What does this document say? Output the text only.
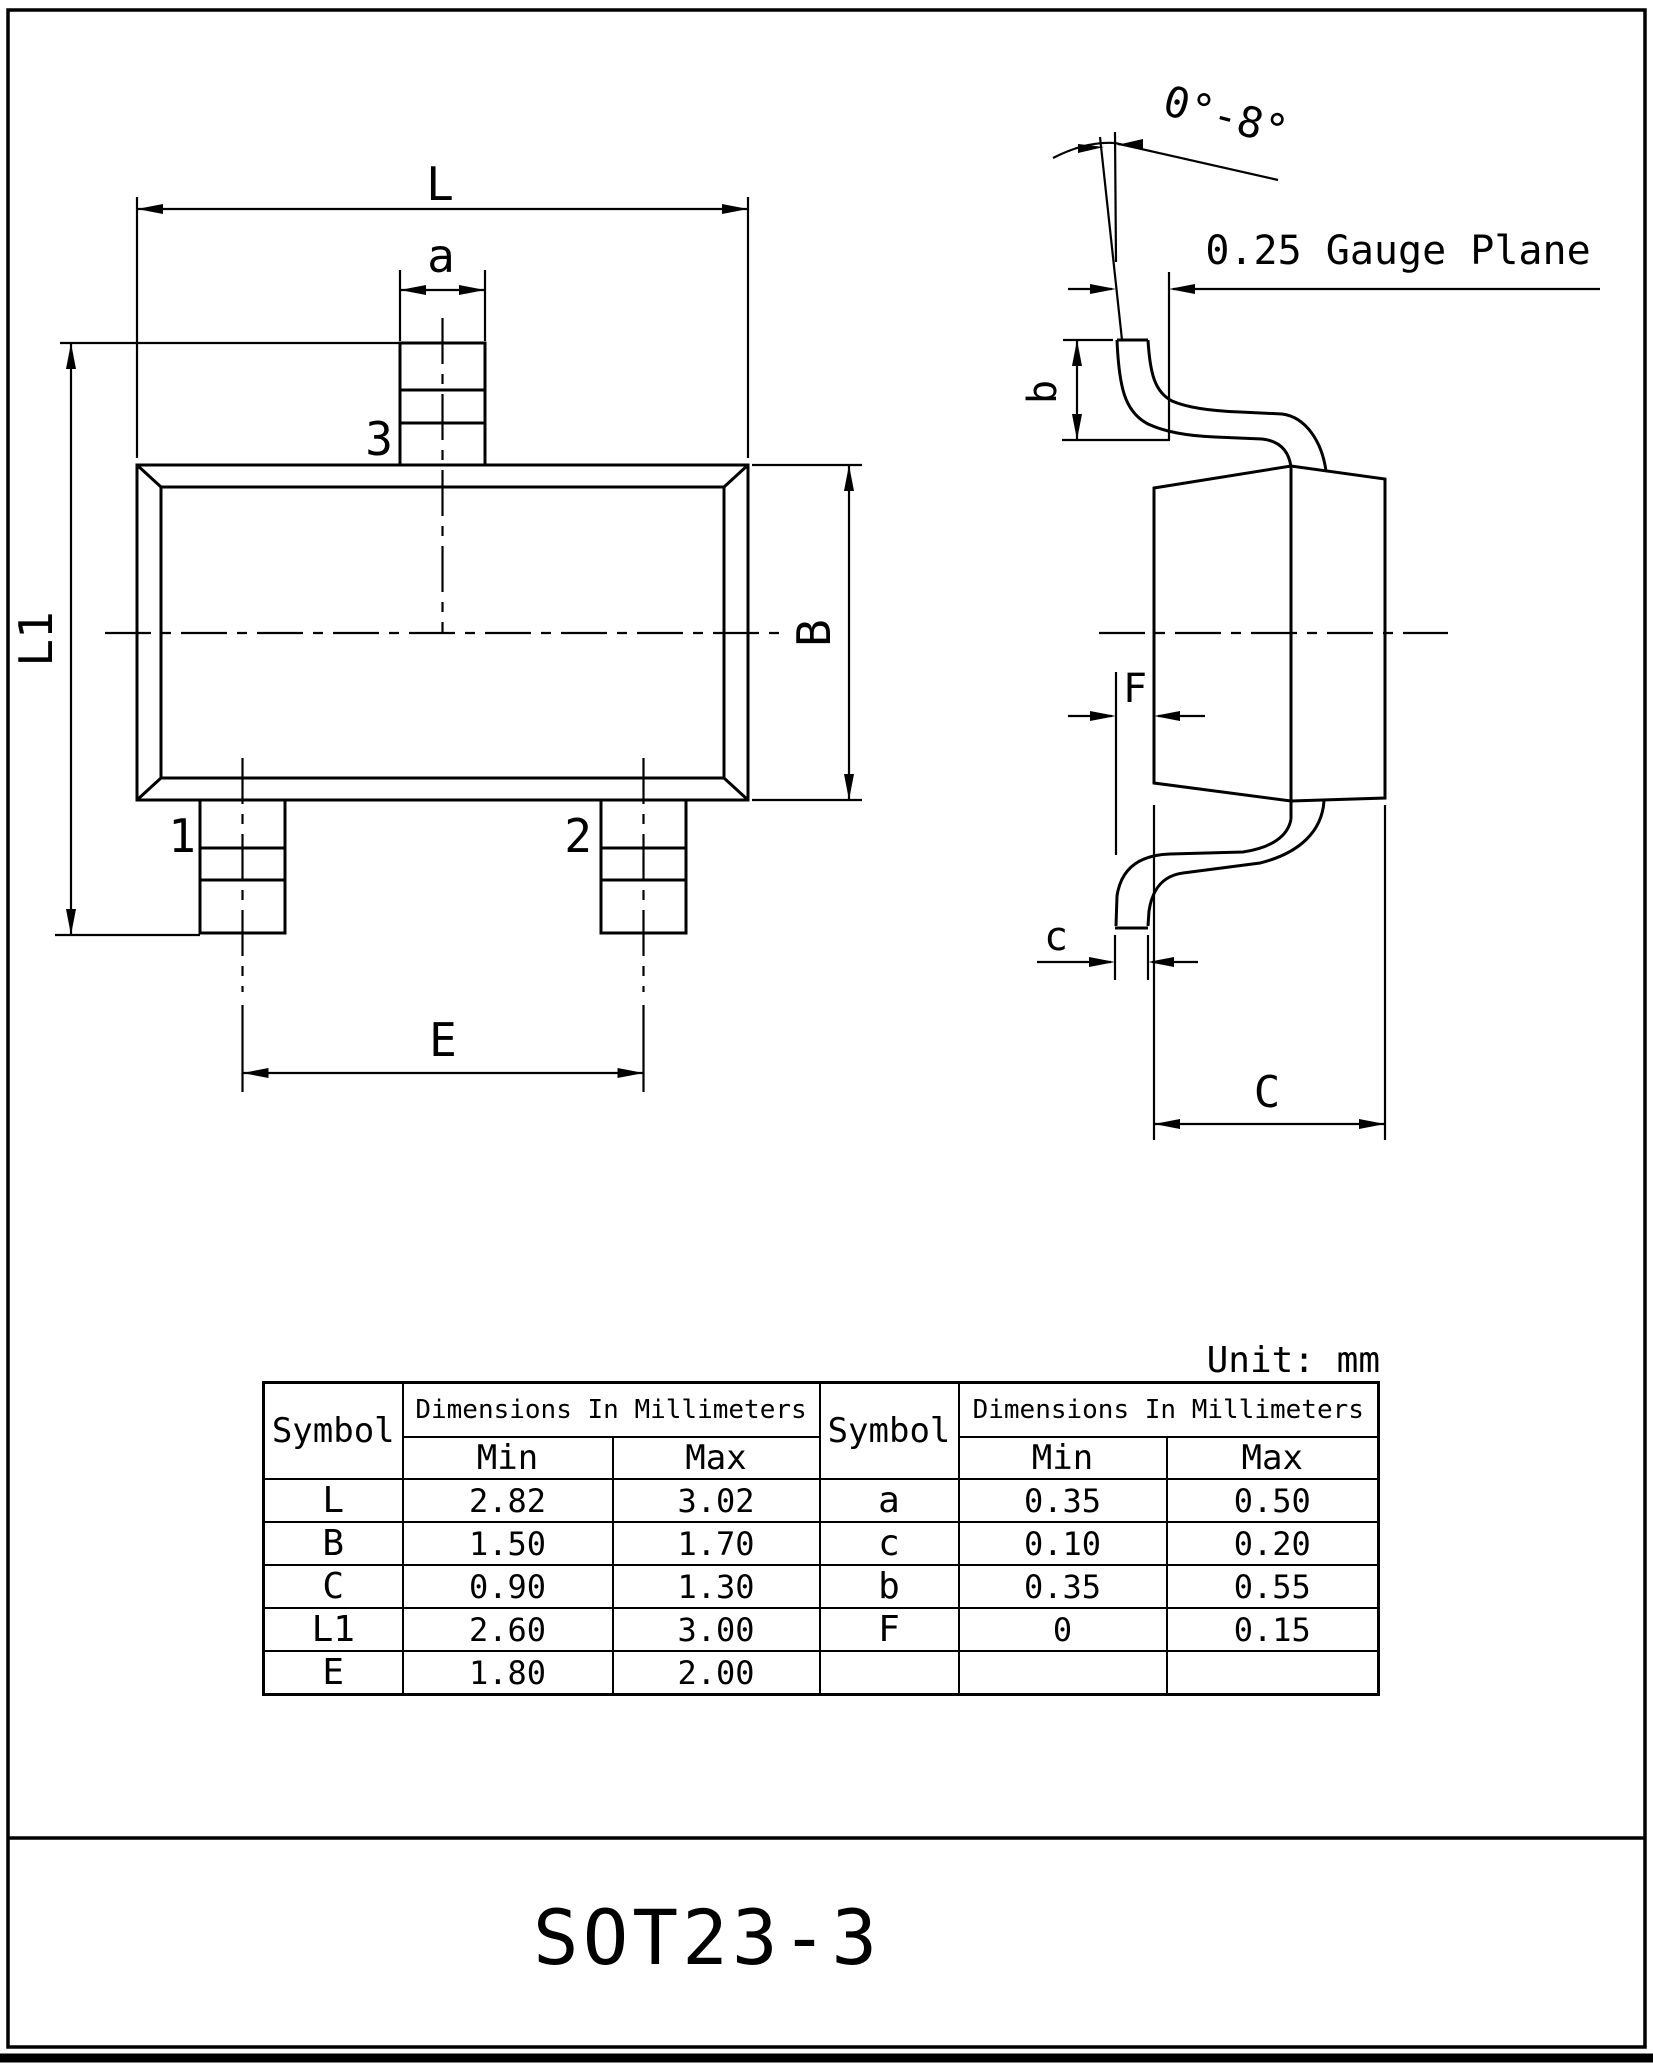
3
1	2
L
a
B
L1
E
0°-8°
0.25 Gauge Plane
b
F
c
C
Unit: mm
Symbol	Dimensions In Millimeters		Symbol	Dimensions In Millimeters	
	Min	Max		Min	Max
L	2.82	3.02	a	0.35	0.50
B	1.50	1.70	c	0.10	0.20
C	0.90	1.30	b	0.35	0.55
L1	2.60	3.00	F	0	0.15
E	1.80	2.00			
SOT23-3
